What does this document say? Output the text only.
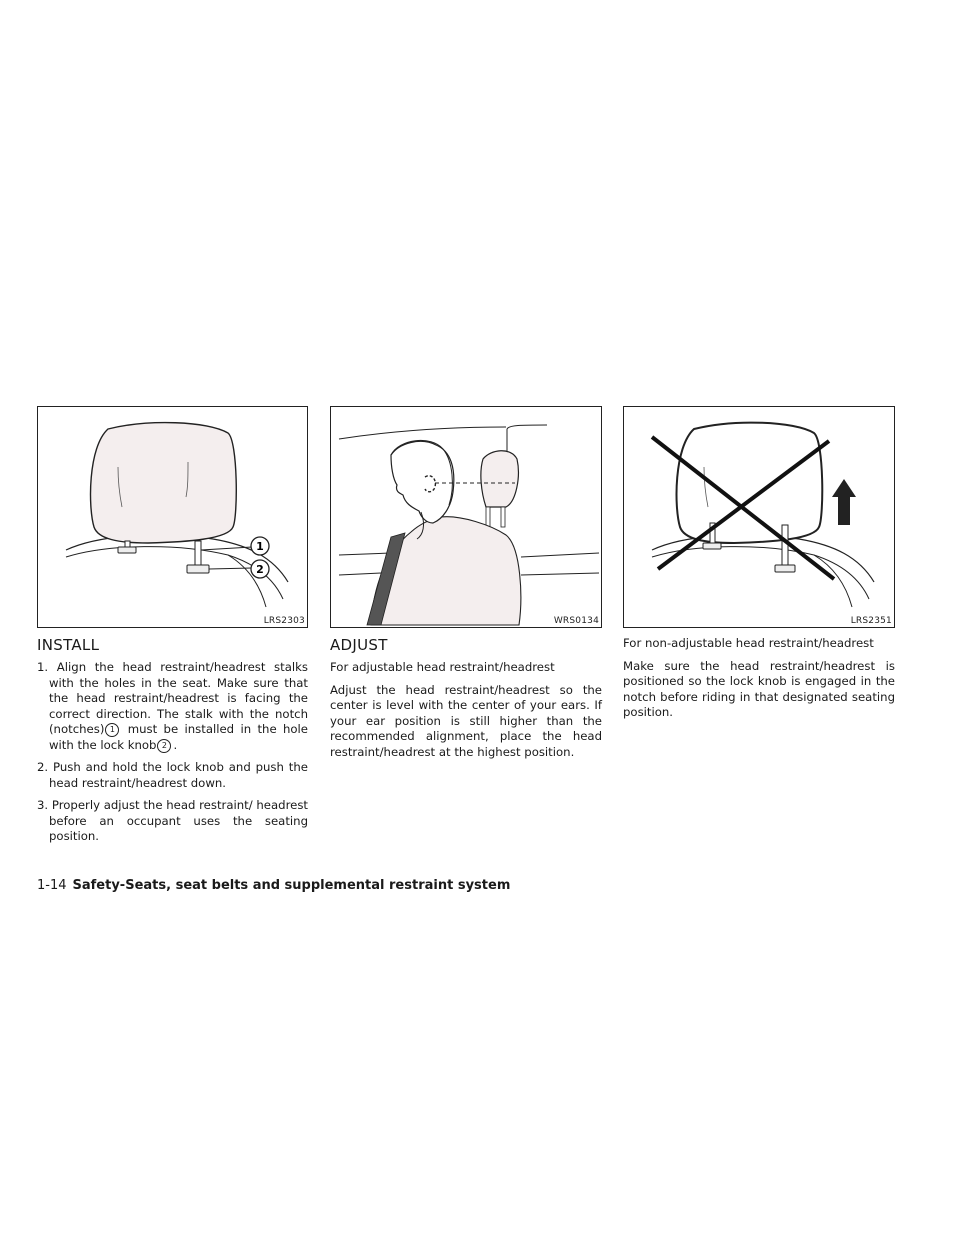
1
2
LRS2303	WRS0134	LRS2351
INSTALL
1. Align the head restraint/headrest stalks with the holes in the seat. Make sure that the head restraint/headrest is facing the correct direction. The stalk with the notch (notches) 1 must be installed in the hole with the lock knob 2 .
2. Push and hold the lock knob and push the head restraint/headrest down.
3. Properly adjust the head restraint/ headrest before an occupant uses the seating position.
ADJUST

For adjustable head restraint/headrest

Adjust the head restraint/headrest so the center is level with the center of your ears. If your ear position is still higher than the recommended alignment, place the head restraint/headrest at the highest position.

For non-adjustable head restraint/headrest

Make sure the head restraint/headrest is positioned so the lock knob is engaged in the notch before riding in that designated seating position.

1-14 Safety-Seats, seat belts and supplemental restraint system
